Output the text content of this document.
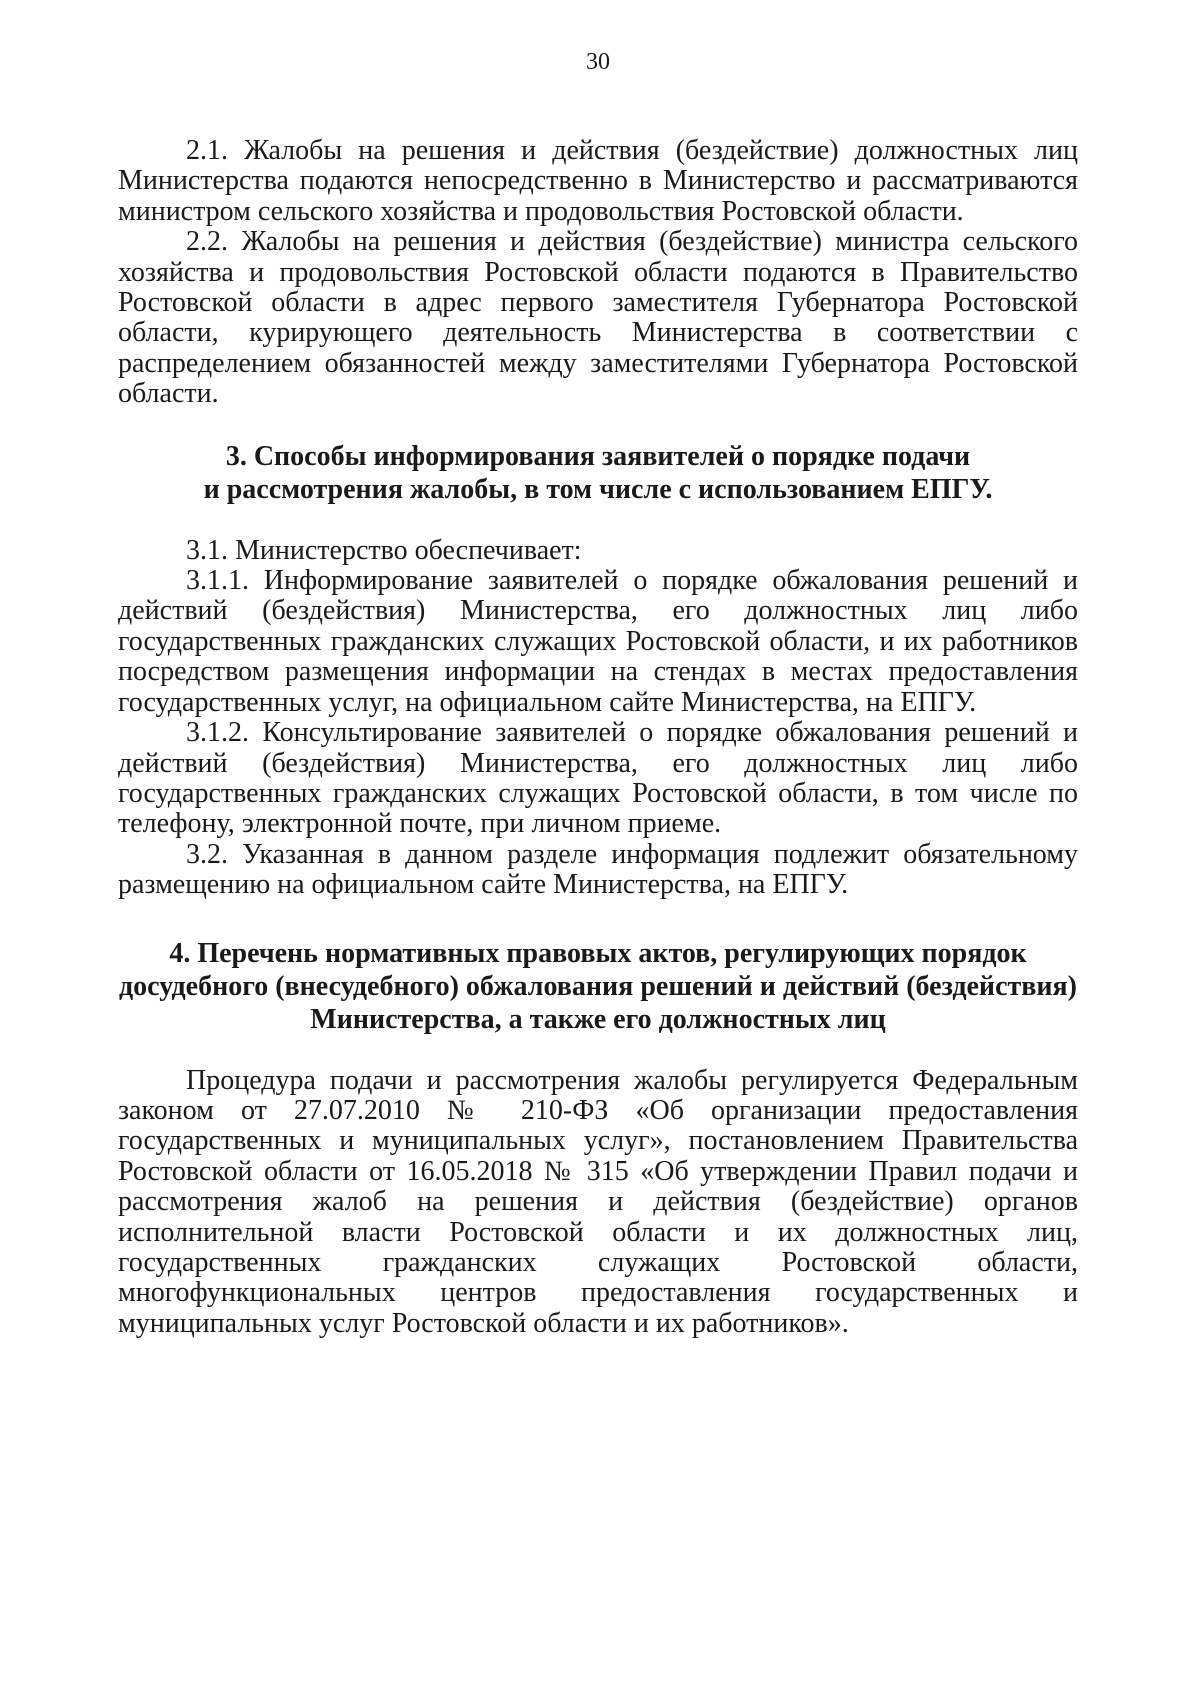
30

2.1. Жалобы на решения и действия (бездействие) должностных лиц Министерства подаются непосредственно в Министерство и рассматриваются министром сельского хозяйства и продовольствия Ростовской области.

2.2. Жалобы на решения и действия (бездействие) министра сельского хозяйства и продовольствия Ростовской области подаются в Правительство Ростовской области в адрес первого заместителя Губернатора Ростовской области, курирующего деятельность Министерства в соответствии с распределением обязанностей между заместителями Губернатора Ростовской области.

3. Способы информирования заявителей о порядке подачи
и рассмотрения жалобы, в том числе с использованием ЕПГУ.

3.1. Министерство обеспечивает:

3.1.1. Информирование заявителей о порядке обжалования решений и действий (бездействия) Министерства, его должностных лиц либо государственных гражданских служащих Ростовской области, и их работников посредством размещения информации на стендах в местах предоставления государственных услуг, на официальном сайте Министерства, на ЕПГУ.

3.1.2. Консультирование заявителей о порядке обжалования решений и действий (бездействия) Министерства, его должностных лиц либо государственных гражданских служащих Ростовской области, в том числе по телефону, электронной почте, при личном приеме.

3.2. Указанная в данном разделе информация подлежит обязательному размещению на официальном сайте Министерства, на ЕПГУ.

4. Перечень нормативных правовых актов, регулирующих порядок
досудебного (внесудебного) обжалования решений и действий (бездействия)
Министерства, а также его должностных лиц

Процедура подачи и рассмотрения жалобы регулируется Федеральным законом от 27.07.2010 № 210-ФЗ «Об организации предоставления государственных и муниципальных услуг», постановлением Правительства Ростовской области от 16.05.2018 № 315 «Об утверждении Правил подачи и рассмотрения жалоб на решения и действия (бездействие) органов исполнительной власти Ростовской области и их должностных лиц, государственных гражданских служащих Ростовской области, многофункциональных центров предоставления государственных и муниципальных услуг Ростовской области и их работников».
